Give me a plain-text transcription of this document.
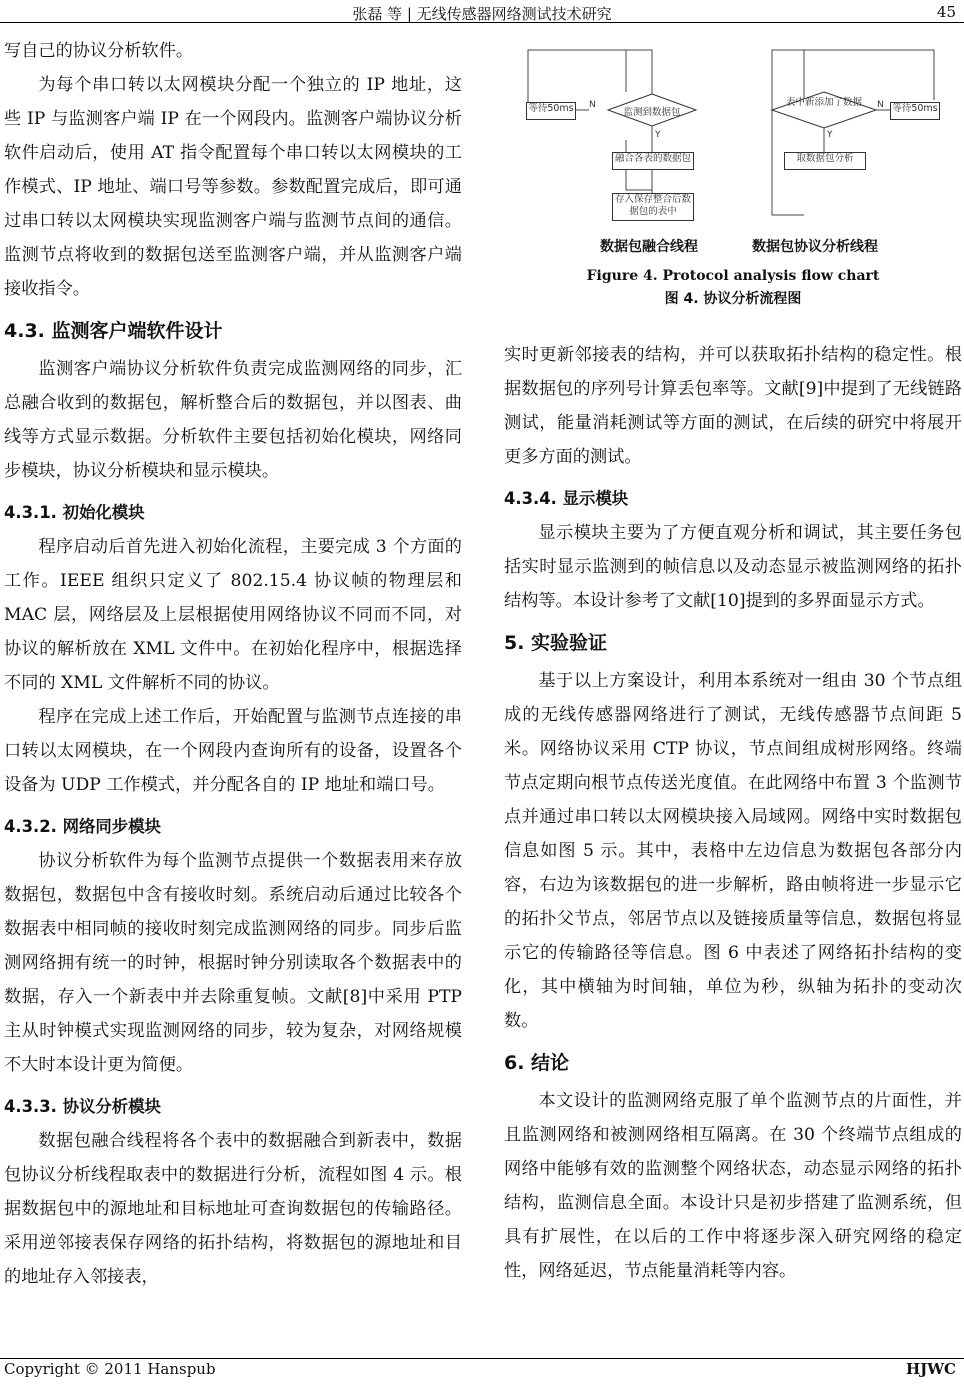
张磊 等 | 无线传感器网络测试技术研究	45

写自己的协议分析软件。

为每个串口转以太网模块分配一个独立的 IP 地址，这些 IP 与监测客户端 IP 在一个网段内。监测客户端协议分析软件启动后，使用 AT 指令配置每个串口转以太网模块的工作模式、IP 地址、端口号等参数。参数配置完成后，即可通过串口转以太网模块实现监测客户端与监测节点间的通信。监测节点将收到的数据包送至监测客户端，并从监测客户端接收指令。

4.3. 监测客户端软件设计

监测客户端协议分析软件负责完成监测网络的同步，汇总融合收到的数据包，解析整合后的数据包，并以图表、曲线等方式显示数据。分析软件主要包括初始化模块，网络同步模块，协议分析模块和显示模块。

4.3.1. 初始化模块

程序启动后首先进入初始化流程，主要完成 3 个方面的工作。IEEE 组织只定义了 802.15.4 协议帧的物理层和 MAC 层，网络层及上层根据使用网络协议不同而不同，对协议的解析放在 XML 文件中。在初始化程序中，根据选择不同的 XML 文件解析不同的协议。

程序在完成上述工作后，开始配置与监测节点连接的串口转以太网模块，在一个网段内查询所有的设备，设置各个设备为 UDP 工作模式，并分配各自的 IP 地址和端口号。

4.3.2. 网络同步模块

协议分析软件为每个监测节点提供一个数据表用来存放数据包，数据包中含有接收时刻。系统启动后通过比较各个数据表中相同帧的接收时刻完成监测网络的同步。同步后监测网络拥有统一的时钟，根据时钟分别读取各个数据表中的数据，存入一个新表中并去除重复帧。文献[8]中采用 PTP 主从时钟模式实现监测网络的同步，较为复杂，对网络规模不大时本设计更为简便。

4.3.3. 协议分析模块

数据包融合线程将各个表中的数据融合到新表中，数据包协议分析线程取表中的数据进行分析，流程如图 4 示。根据数据包中的源地址和目标地址可查询数据包的传输路径。采用逆邻接表保存网络的拓扑结构，将数据包的源地址和目的地址存入邻接表，

等待50ms N
监测到数据包
Y
融合各表的数据包
存入保存整合后数据包的表中
表中新添加了数据 N 等待50ms
Y
取数据包分析
数据包融合线程	数据包协议分析线程
Figure 4. Protocol analysis flow chart
图 4. 协议分析流程图

实时更新邻接表的结构，并可以获取拓扑结构的稳定性。根据数据包的序列号计算丢包率等。文献[9]中提到了无线链路测试，能量消耗测试等方面的测试，在后续的研究中将展开更多方面的测试。

4.3.4. 显示模块

显示模块主要为了方便直观分析和调试，其主要任务包括实时显示监测到的帧信息以及动态显示被监测网络的拓扑结构等。本设计参考了文献[10]提到的多界面显示方式。

5. 实验验证

基于以上方案设计，利用本系统对一组由 30 个节点组成的无线传感器网络进行了测试，无线传感器节点间距 5 米。网络协议采用 CTP 协议，节点间组成树形网络。终端节点定期向根节点传送光度值。在此网络中布置 3 个监测节点并通过串口转以太网模块接入局域网。网络中实时数据包信息如图 5 示。其中，表格中左边信息为数据包各部分内容，右边为该数据包的进一步解析，路由帧将进一步显示它的拓扑父节点，邻居节点以及链接质量等信息，数据包将显示它的传输路径等信息。图 6 中表述了网络拓扑结构的变化，其中横轴为时间轴，单位为秒，纵轴为拓扑的变动次数。

6. 结论

本文设计的监测网络克服了单个监测节点的片面性，并且监测网络和被测网络相互隔离。在 30 个终端节点组成的网络中能够有效的监测整个网络状态，动态显示网络的拓扑结构，监测信息全面。本设计只是初步搭建了监测系统，但具有扩展性，在以后的工作中将逐步深入研究网络的稳定性，网络延迟，节点能量消耗等内容。

Copyright © 2011 Hanspub	HJWC
